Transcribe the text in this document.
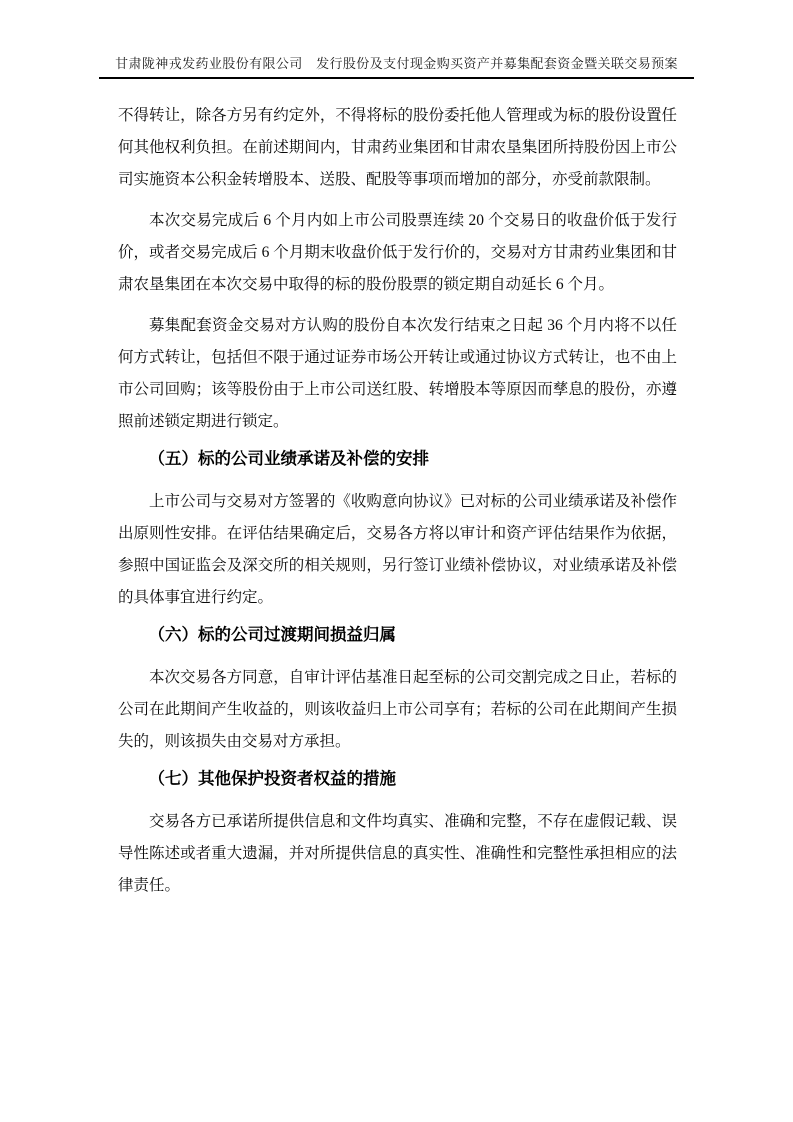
甘肃陇神戎发药业股份有限公司　发行股份及支付现金购买资产并募集配套资金暨关联交易预案

不得转让，除各方另有约定外，不得将标的股份委托他人管理或为标的股份设置任何其他权利负担。在前述期间内，甘肃药业集团和甘肃农垦集团所持股份因上市公司实施资本公积金转增股本、送股、配股等事项而增加的部分，亦受前款限制。

本次交易完成后 6 个月内如上市公司股票连续 20 个交易日的收盘价低于发行价，或者交易完成后 6 个月期末收盘价低于发行价的，交易对方甘肃药业集团和甘肃农垦集团在本次交易中取得的标的股份股票的锁定期自动延长 6 个月。

募集配套资金交易对方认购的股份自本次发行结束之日起 36 个月内将不以任何方式转让，包括但不限于通过证券市场公开转让或通过协议方式转让，也不由上市公司回购；该等股份由于上市公司送红股、转增股本等原因而孳息的股份，亦遵照前述锁定期进行锁定。

（五）标的公司业绩承诺及补偿的安排

上市公司与交易对方签署的《收购意向协议》已对标的公司业绩承诺及补偿作出原则性安排。在评估结果确定后，交易各方将以审计和资产评估结果作为依据，参照中国证监会及深交所的相关规则，另行签订业绩补偿协议，对业绩承诺及补偿的具体事宜进行约定。

（六）标的公司过渡期间损益归属

本次交易各方同意，自审计评估基准日起至标的公司交割完成之日止，若标的公司在此期间产生收益的，则该收益归上市公司享有；若标的公司在此期间产生损失的，则该损失由交易对方承担。

（七）其他保护投资者权益的措施

交易各方已承诺所提供信息和文件均真实、准确和完整，不存在虚假记载、误导性陈述或者重大遗漏，并对所提供信息的真实性、准确性和完整性承担相应的法律责任。
